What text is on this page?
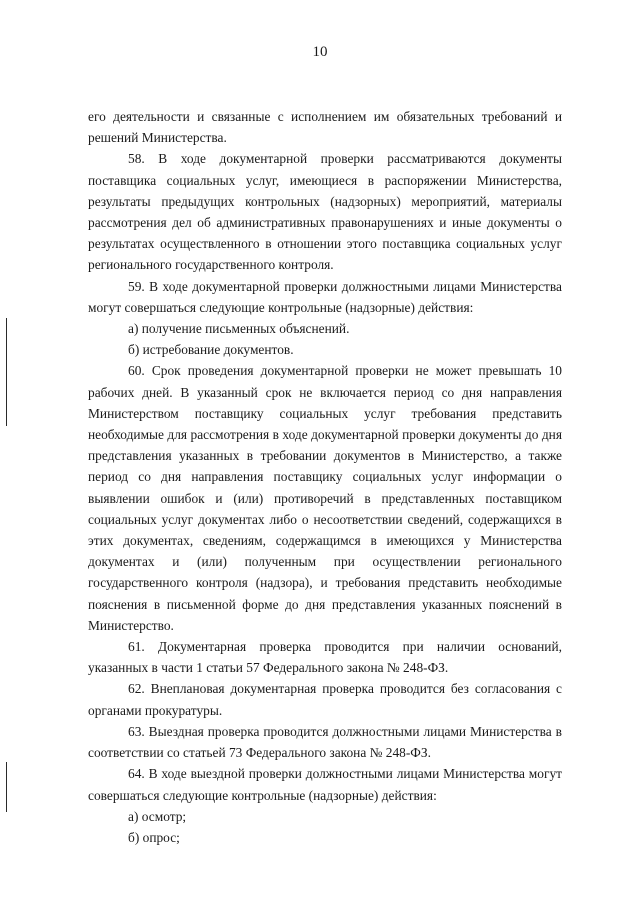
10

его деятельности и связанные с исполнением им обязательных требований и решений Министерства.

58. В ходе документарной проверки рассматриваются документы поставщика социальных услуг, имеющиеся в распоряжении Министерства, результаты предыдущих контрольных (надзорных) мероприятий, материалы рассмотрения дел об административных правонарушениях и иные документы о результатах осуществленного в отношении этого поставщика социальных услуг регионального государственного контроля.

59. В ходе документарной проверки должностными лицами Министерства могут совершаться следующие контрольные (надзорные) действия:

а) получение письменных объяснений.

б) истребование документов.

60. Срок проведения документарной проверки не может превышать 10 рабочих дней. В указанный срок не включается период со дня направления Министерством поставщику социальных услуг требования представить необходимые для рассмотрения в ходе документарной проверки документы до дня представления указанных в требовании документов в Министерство, а также период со дня направления поставщику социальных услуг информации о выявлении ошибок и (или) противоречий в представленных поставщиком социальных услуг документах либо о несоответствии сведений, содержащихся в этих документах, сведениям, содержащимся в имеющихся у Министерства документах и (или) полученным при осуществлении регионального государственного контроля (надзора), и требования представить необходимые пояснения в письменной форме до дня представления указанных пояснений в Министерство.

61. Документарная проверка проводится при наличии оснований, указанных в части 1 статьи 57 Федерального закона № 248-ФЗ.

62. Внеплановая документарная проверка проводится без согласования с органами прокуратуры.

63. Выездная проверка проводится должностными лицами Министерства в соответствии со статьей 73 Федерального закона № 248-ФЗ.

64. В ходе выездной проверки должностными лицами Министерства могут совершаться следующие контрольные (надзорные) действия:

а) осмотр;

б) опрос;
